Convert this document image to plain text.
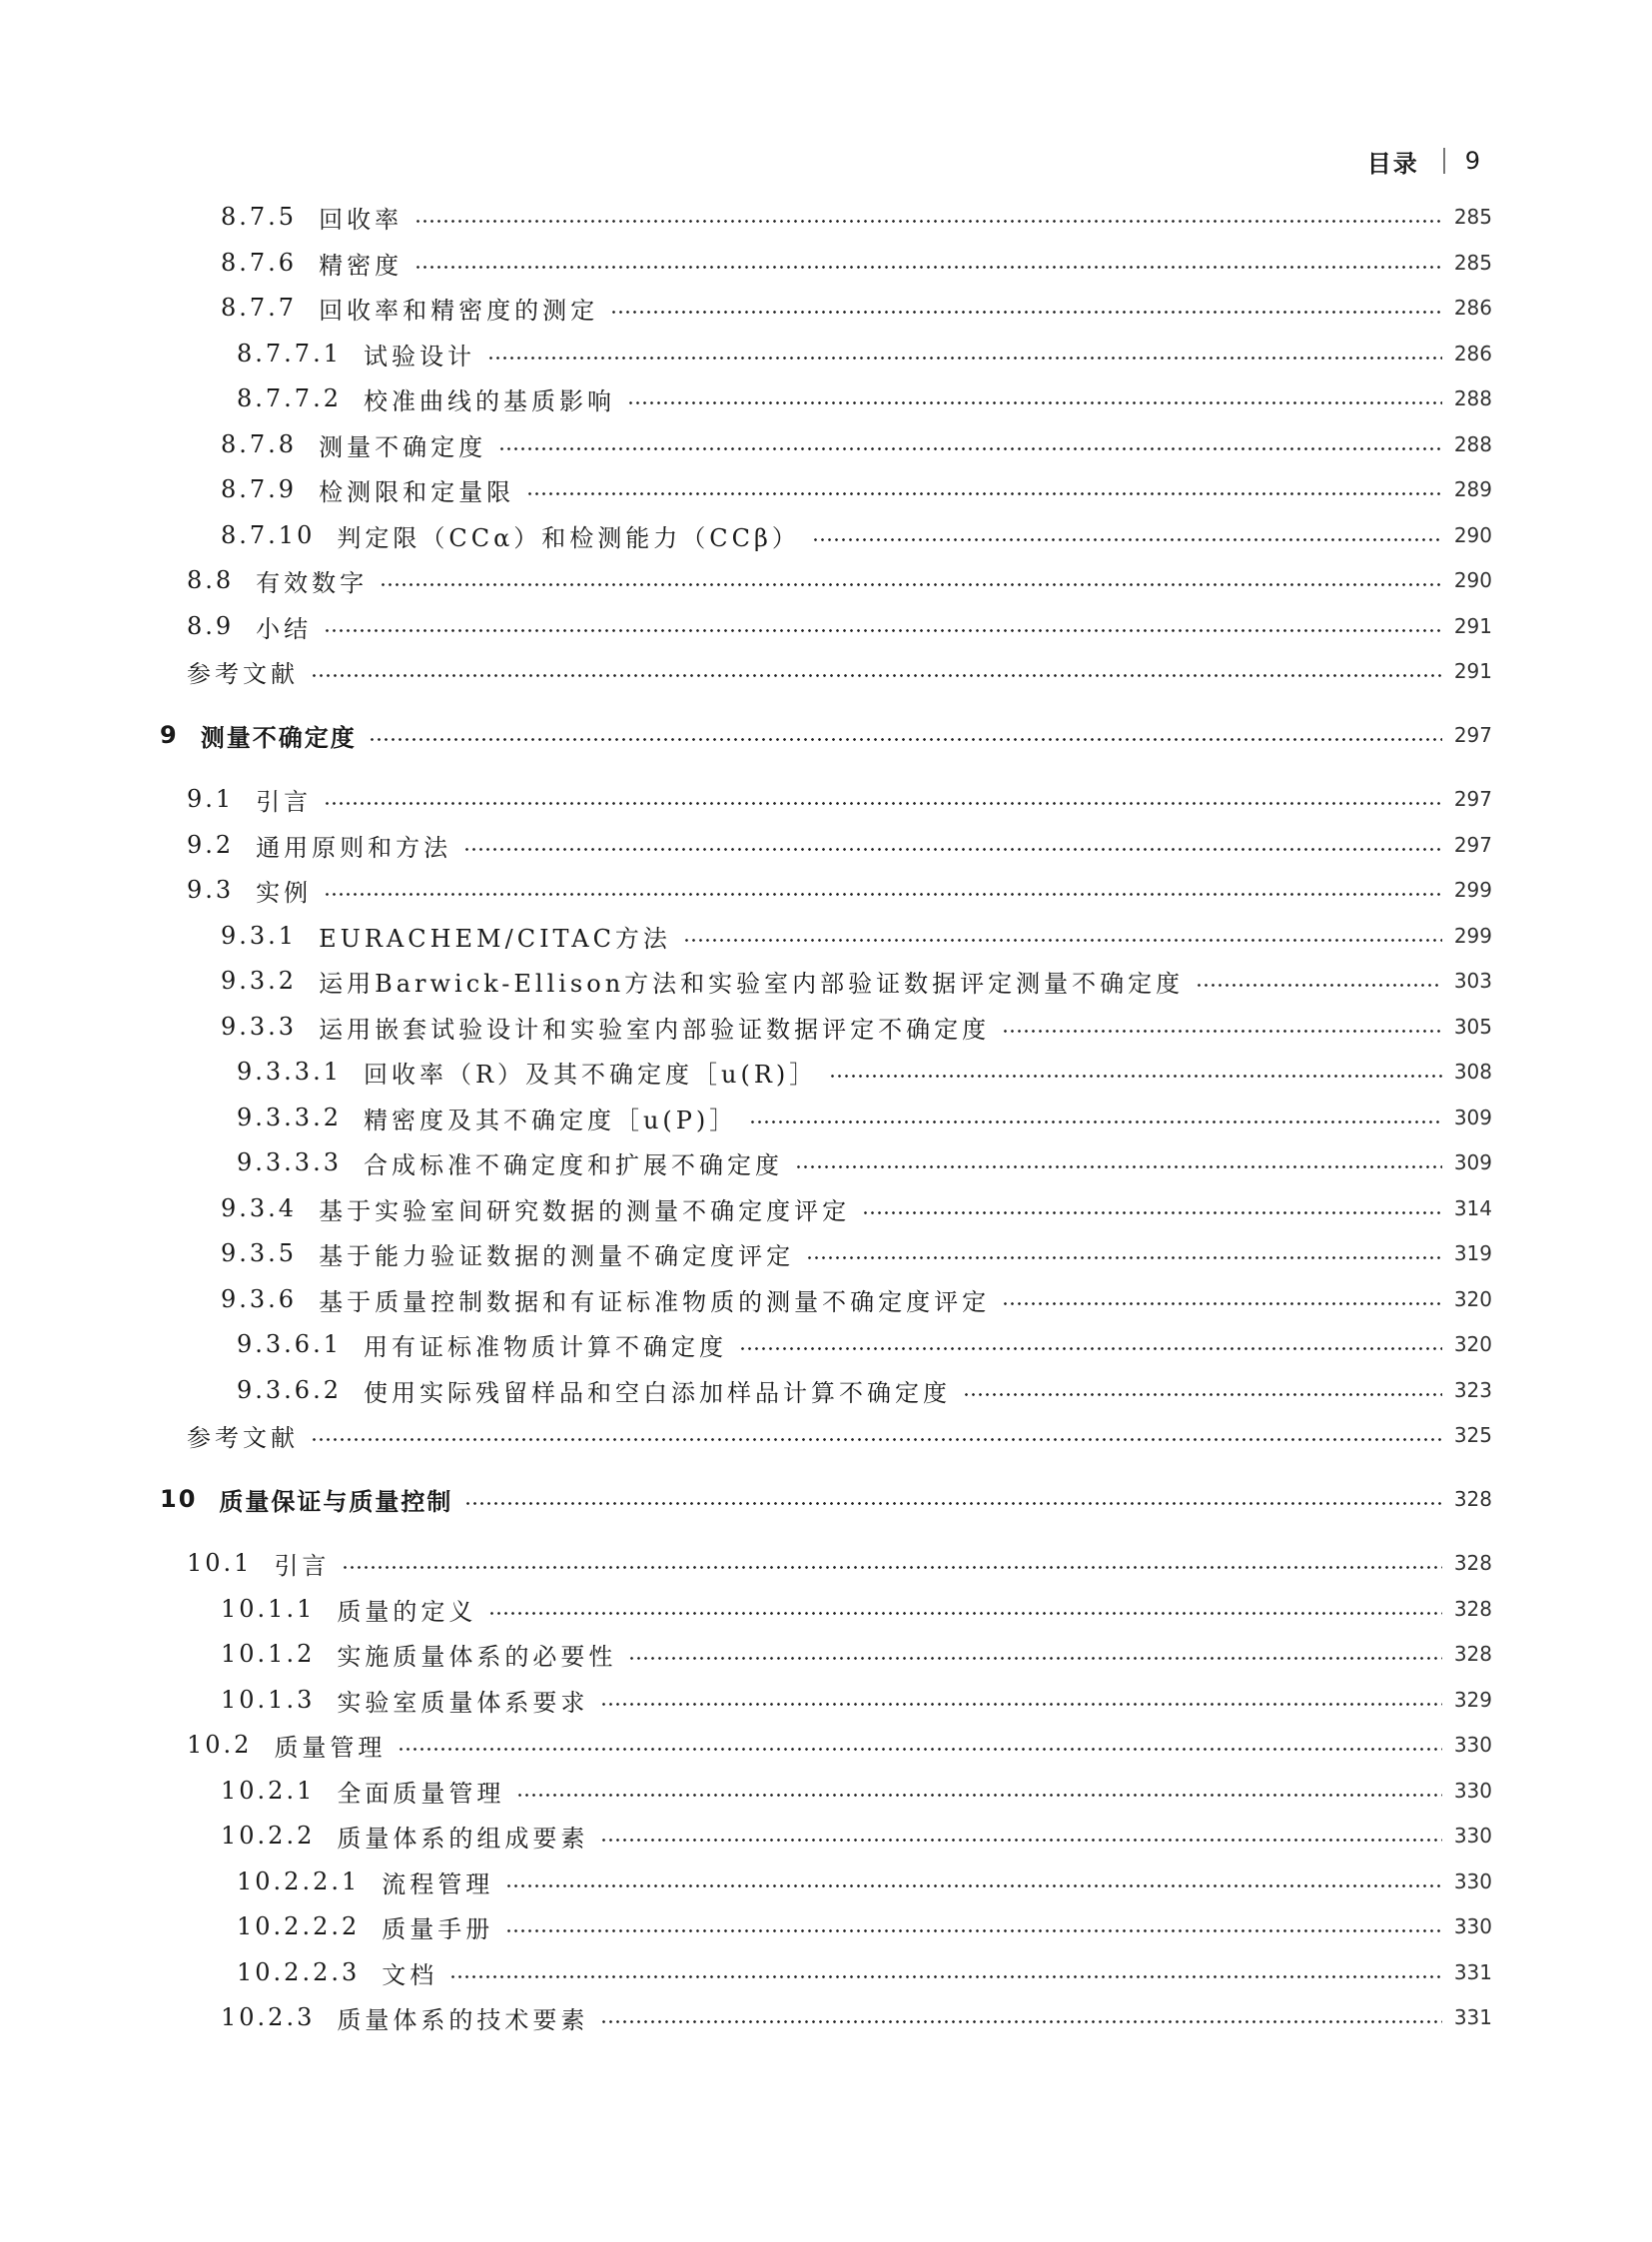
目录 9
8.7.5 回收率	285
8.7.6 精密度	285
8.7.7 回收率和精密度的测定	286
8.7.7.1 试验设计	286
8.7.7.2 校准曲线的基质影响	288
8.7.8 测量不确定度	288
8.7.9 检测限和定量限	289
8.7.10 判定限（CCα）和检测能力（CCβ）	290
8.8 有效数字	290
8.9 小结	291
参考文献	291
9 测量不确定度	297
9.1 引言	297
9.2 通用原则和方法	297
9.3 实例	299
9.3.1 EURACHEM/CITAC方法	299
9.3.2 运用Barwick-Ellison方法和实验室内部验证数据评定测量不确定度	303
9.3.3 运用嵌套试验设计和实验室内部验证数据评定不确定度	305
9.3.3.1 回收率（R）及其不确定度［u(R)］	308
9.3.3.2 精密度及其不确定度［u(P)］	309
9.3.3.3 合成标准不确定度和扩展不确定度	309
9.3.4 基于实验室间研究数据的测量不确定度评定	314
9.3.5 基于能力验证数据的测量不确定度评定	319
9.3.6 基于质量控制数据和有证标准物质的测量不确定度评定	320
9.3.6.1 用有证标准物质计算不确定度	320
9.3.6.2 使用实际残留样品和空白添加样品计算不确定度	323
参考文献	325
10 质量保证与质量控制	328
10.1 引言	328
10.1.1 质量的定义	328
10.1.2 实施质量体系的必要性	328
10.1.3 实验室质量体系要求	329
10.2 质量管理	330
10.2.1 全面质量管理	330
10.2.2 质量体系的组成要素	330
10.2.2.1 流程管理	330
10.2.2.2 质量手册	330
10.2.2.3 文档	331
10.2.3 质量体系的技术要素	331
